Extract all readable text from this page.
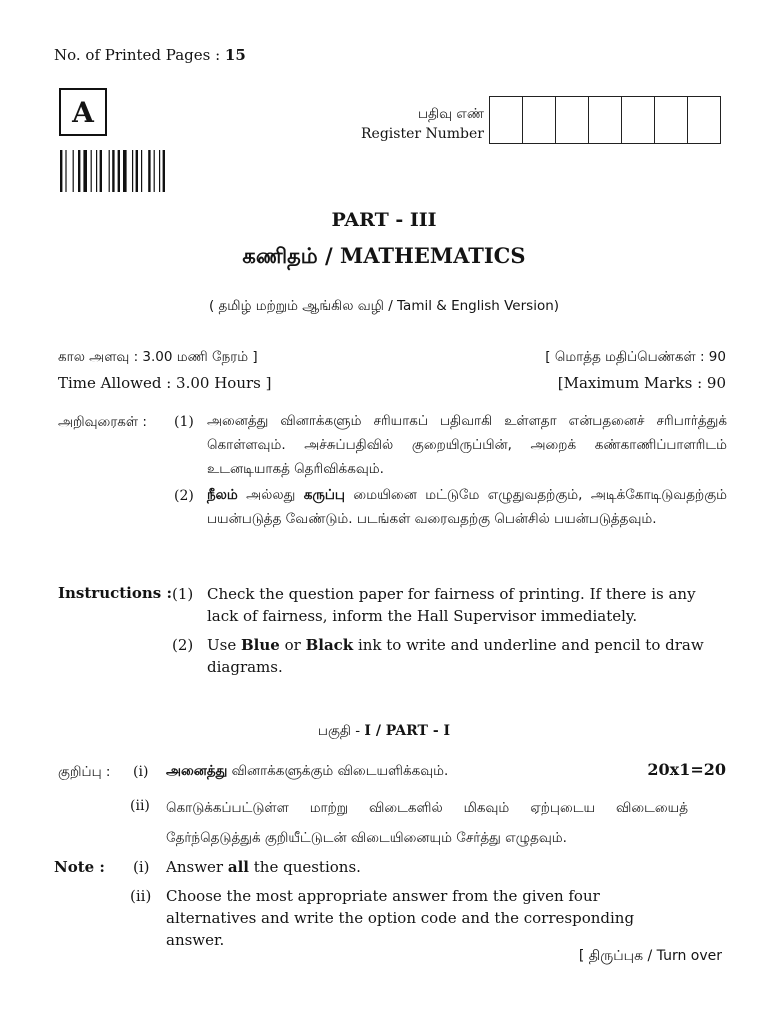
No. of Printed Pages : 15
A	பதிவு எண்
Register Number
PART - III
கணிதம் / MATHEMATICS
( தமிழ் மற்றும் ஆங்கில வழி / Tamil & English Version)
கால அளவு : 3.00 மணி நேரம் ]	[ மொத்த மதிப்பெண்கள் : 90
Time Allowed : 3.00 Hours ]	[Maximum Marks : 90
அறிவுரைகள் : (1) அனைத்து வினாக்களும் சரியாகப் பதிவாகி உள்ளதா என்பதனைச் சரிபார்த்துக் கொள்ளவும். அச்சுப்பதிவில் குறையிருப்பின், அறைக் கண்காணிப்பாளரிடம் உடனடியாகத் தெரிவிக்கவும்.
(2) நீலம் அல்லது கருப்பு மையினை மட்டுமே எழுதுவதற்கும், அடிக்கோடிடுவதற்கும் பயன்படுத்த வேண்டும். படங்கள் வரைவதற்கு பென்சில் பயன்படுத்தவும்.
Instructions : (1) Check the question paper for fairness of printing. If there is any lack of fairness, inform the Hall Supervisor immediately.
(2) Use Blue or Black ink to write and underline and pencil to draw diagrams.
பகுதி - I / PART - I
குறிப்பு : (i) அனைத்து வினாக்களுக்கும் விடையளிக்கவும்.	20x1=20
(ii) கொடுக்கப்பட்டுள்ள மாற்று விடைகளில் மிகவும் ஏற்புடைய விடையைத் தேர்ந்தெடுத்துக் குறியீட்டுடன் விடையினையும் சேர்த்து எழுதவும்.
Note : (i) Answer all the questions.
(ii) Choose the most appropriate answer from the given four alternatives and write the option code and the corresponding answer.
[ திருப்புக / Turn over
